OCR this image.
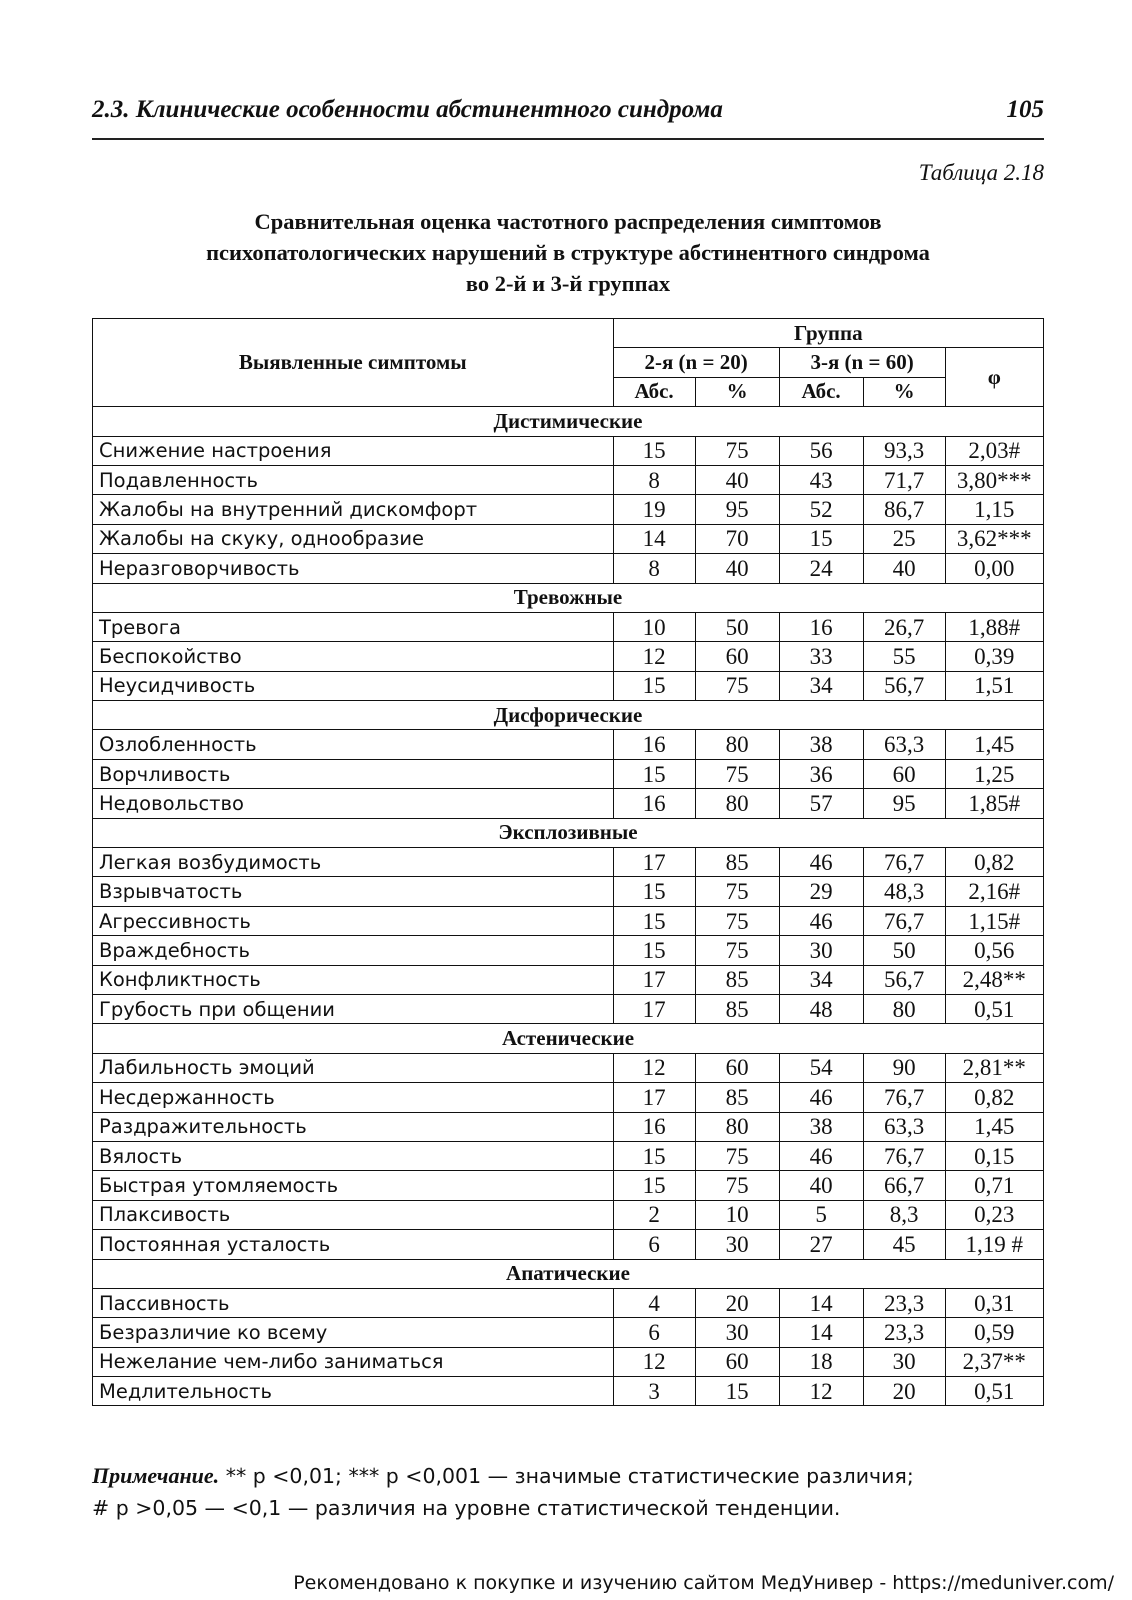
2.3. Клинические особенности абстинентного синдрома	105
Таблица 2.18
Сравнительная оценка частотного распределения симптомов
психопатологических нарушений в структуре абстинентного синдрома
во 2-й и 3-й группах
Выявленные симптомы	Группа				
	2-я (n = 20)		3-я (n = 60)		φ
	Абс.	%	Абс.	%	
Дистимические					
Снижение настроения	15	75	56	93,3	2,03#
Подавленность	8	40	43	71,7	3,80***
Жалобы на внутренний дискомфорт	19	95	52	86,7	1,15
Жалобы на скуку, однообразие	14	70	15	25	3,62***
Неразговорчивость	8	40	24	40	0,00
Тревожные					
Тревога	10	50	16	26,7	1,88#
Беспокойство	12	60	33	55	0,39
Неусидчивость	15	75	34	56,7	1,51
Дисфорические					
Озлобленность	16	80	38	63,3	1,45
Ворчливость	15	75	36	60	1,25
Недовольство	16	80	57	95	1,85#
Эксплозивные					
Легкая возбудимость	17	85	46	76,7	0,82
Взрывчатость	15	75	29	48,3	2,16#
Агрессивность	15	75	46	76,7	1,15#
Враждебность	15	75	30	50	0,56
Конфликтность	17	85	34	56,7	2,48**
Грубость при общении	17	85	48	80	0,51
Астенические					
Лабильность эмоций	12	60	54	90	2,81**
Несдержанность	17	85	46	76,7	0,82
Раздражительность	16	80	38	63,3	1,45
Вялость	15	75	46	76,7	0,15
Быстрая утомляемость	15	75	40	66,7	0,71
Плаксивость	2	10	5	8,3	0,23
Постоянная усталость	6	30	27	45	1,19 #
Апатические					
Пассивность	4	20	14	23,3	0,31
Безразличие ко всему	6	30	14	23,3	0,59
Нежелание чем-либо заниматься	12	60	18	30	2,37**
Медлительность	3	15	12	20	0,51
Примечание. ** p <0,01; *** p <0,001 — значимые статистические различия;
# p >0,05 — <0,1 — различия на уровне статистической тенденции.
Рекомендовано к покупке и изучению сайтом МедУнивер - https://meduniver.com/
